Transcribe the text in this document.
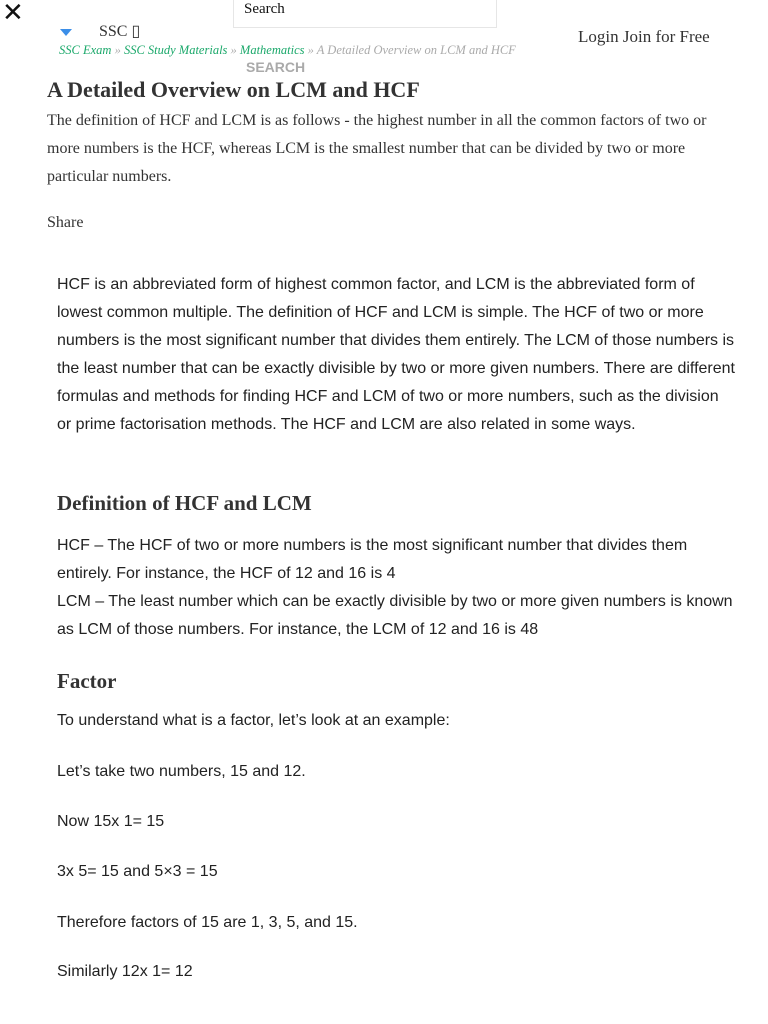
✕	Search
SSC ▯	Login Join for Free
SSC Exam » SSC Study Materials » Mathematics » A Detailed Overview on LCM and HCF
SEARCH
A Detailed Overview on LCM and HCF
The definition of HCF and LCM is as follows - the highest number in all the common factors of two or more numbers is the HCF, whereas LCM is the smallest number that can be divided by two or more particular numbers.
Share
HCF is an abbreviated form of highest common factor, and LCM is the abbreviated form of lowest common multiple. The definition of HCF and LCM is simple. The HCF of two or more numbers is the most significant number that divides them entirely. The LCM of those numbers is the least number that can be exactly divisible by two or more given numbers. There are different formulas and methods for finding HCF and LCM of two or more numbers, such as the division or prime factorisation methods. The HCF and LCM are also related in some ways.
Definition of HCF and LCM

HCF – The HCF of two or more numbers is the most significant number that divides them entirely. For instance, the HCF of 12 and 16 is 4

LCM – The least number which can be exactly divisible by two or more given numbers is known as LCM of those numbers. For instance, the LCM of 12 and 16 is 48

Factor
To understand what is a factor, let’s look at an example:
Let’s take two numbers, 15 and 12.
Now 15x 1= 15
3x 5= 15 and 5×3 = 15
Therefore factors of 15 are 1, 3, 5, and 15.
Similarly 12x 1= 12
